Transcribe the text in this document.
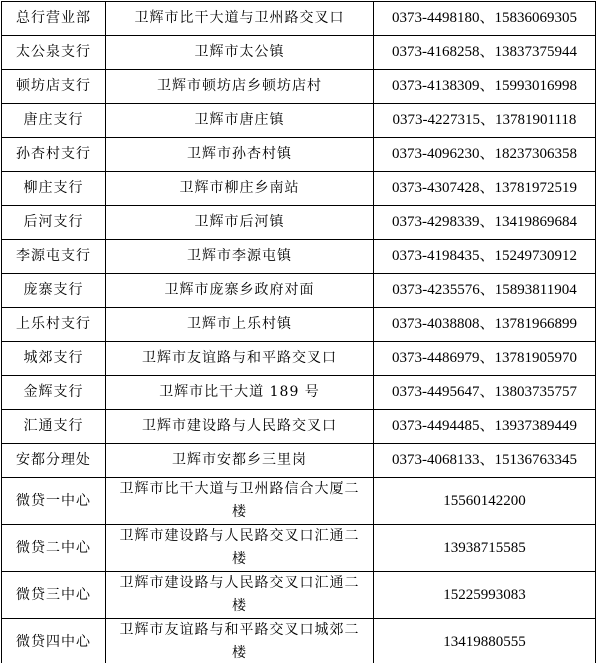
总行营业部	卫辉市比干大道与卫州路交叉口	0373-4498180、15836069305
太公泉支行	卫辉市太公镇	0373-4168258、13837375944
顿坊店支行	卫辉市顿坊店乡顿坊店村	0373-4138309、15993016998
唐庄支行	卫辉市唐庄镇	0373-4227315、13781901118
孙杏村支行	卫辉市孙杏村镇	0373-4096230、18237306358
柳庄支行	卫辉市柳庄乡南站	0373-4307428、13781972519
后河支行	卫辉市后河镇	0373-4298339、13419869684
李源屯支行	卫辉市李源屯镇	0373-4198435、15249730912
庞寨支行	卫辉市庞寨乡政府对面	0373-4235576、15893811904
上乐村支行	卫辉市上乐村镇	0373-4038808、13781966899
城郊支行	卫辉市友谊路与和平路交叉口	0373-4486979、13781905970
金辉支行	卫辉市比干大道 189 号	0373-4495647、13803735757
汇通支行	卫辉市建设路与人民路交叉口	0373-4494485、13937389449
安都分理处	卫辉市安都乡三里岗	0373-4068133、15136763345
微贷一中心	卫辉市比干大道与卫州路信合大厦二楼	15560142200
微贷二中心	卫辉市建设路与人民路交叉口汇通二楼	13938715585
微贷三中心	卫辉市建设路与人民路交叉口汇通二楼	15225993083
微贷四中心	卫辉市友谊路与和平路交叉口城郊二楼	13419880555
